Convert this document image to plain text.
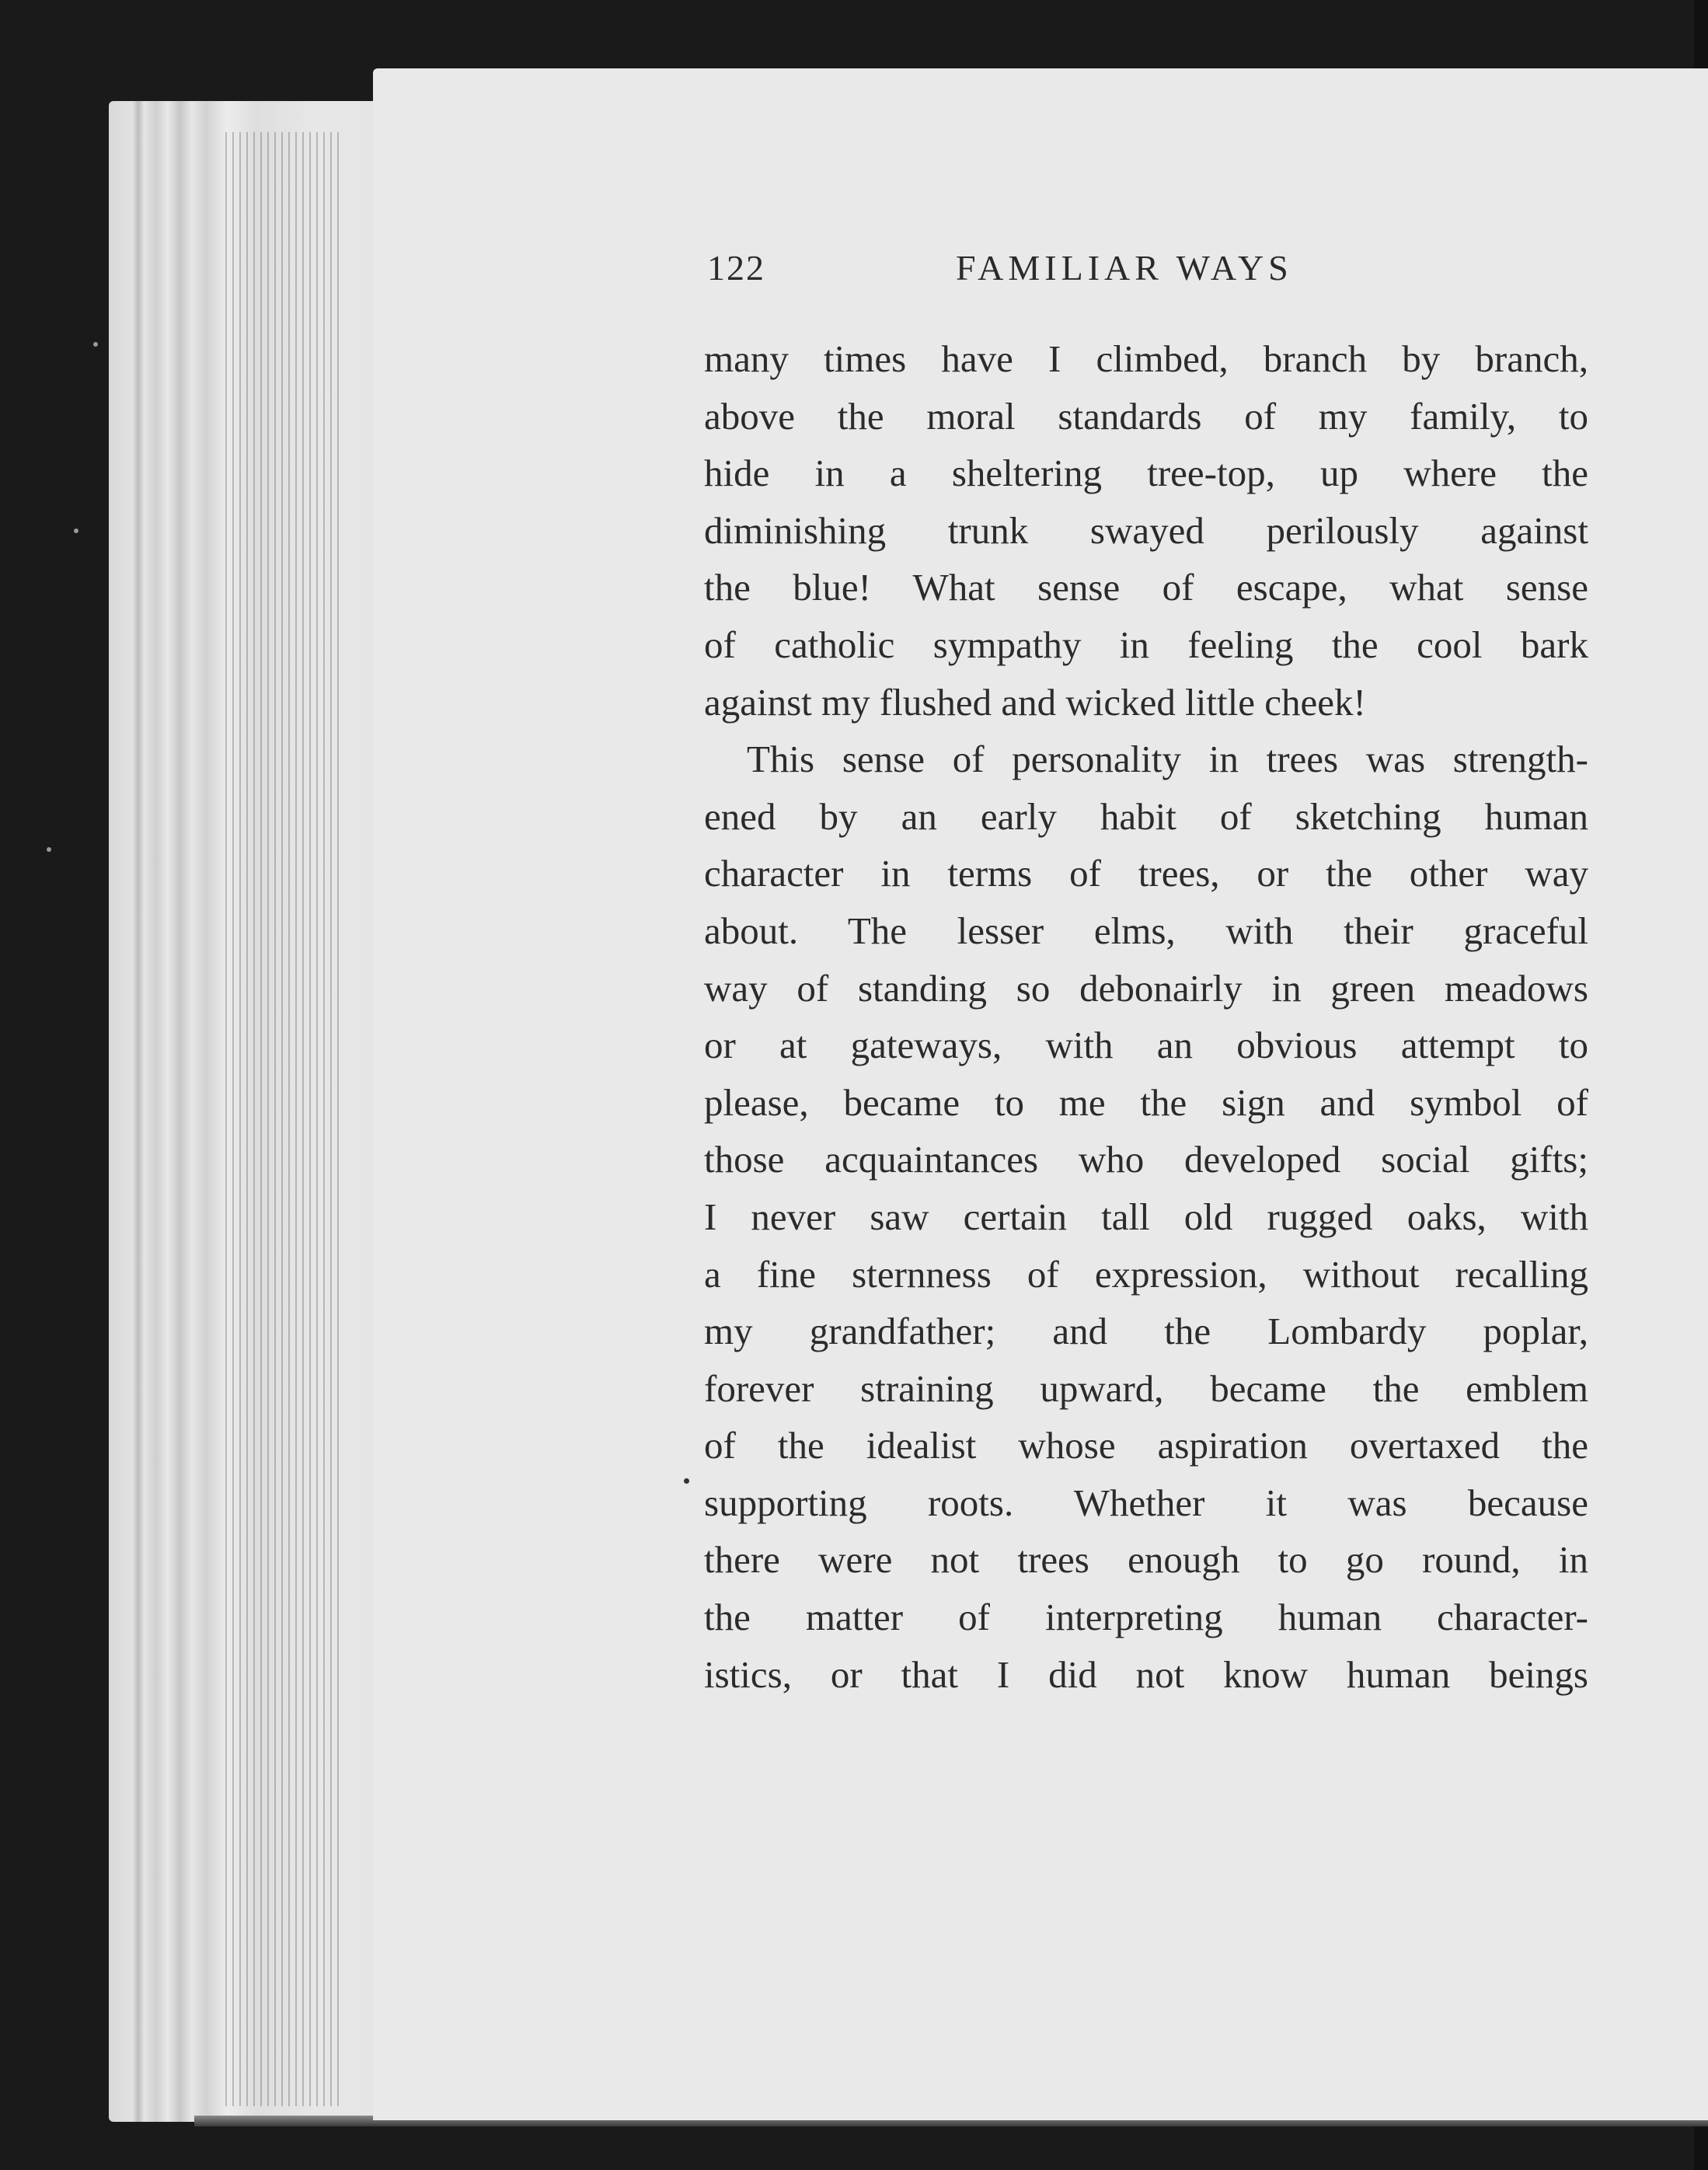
122	FAMILIAR WAYS
many times have I climbed, branch by branch,
above the moral standards of my family, to
hide in a sheltering tree-top, up where the
diminishing trunk swayed perilously against
the blue! What sense of escape, what sense
of catholic sympathy in feeling the cool bark
against my flushed and wicked little cheek!
This sense of personality in trees was strength-
ened by an early habit of sketching human
character in terms of trees, or the other way
about. The lesser elms, with their graceful
way of standing so debonairly in green meadows
or at gateways, with an obvious attempt to
please, became to me the sign and symbol of
those acquaintances who developed social gifts;
I never saw certain tall old rugged oaks, with
a fine sternness of expression, without recalling
my grandfather; and the Lombardy poplar,
forever straining upward, became the emblem
of the idealist whose aspiration overtaxed the
supporting roots. Whether it was because
there were not trees enough to go round, in
the matter of interpreting human character-
istics, or that I did not know human beings
